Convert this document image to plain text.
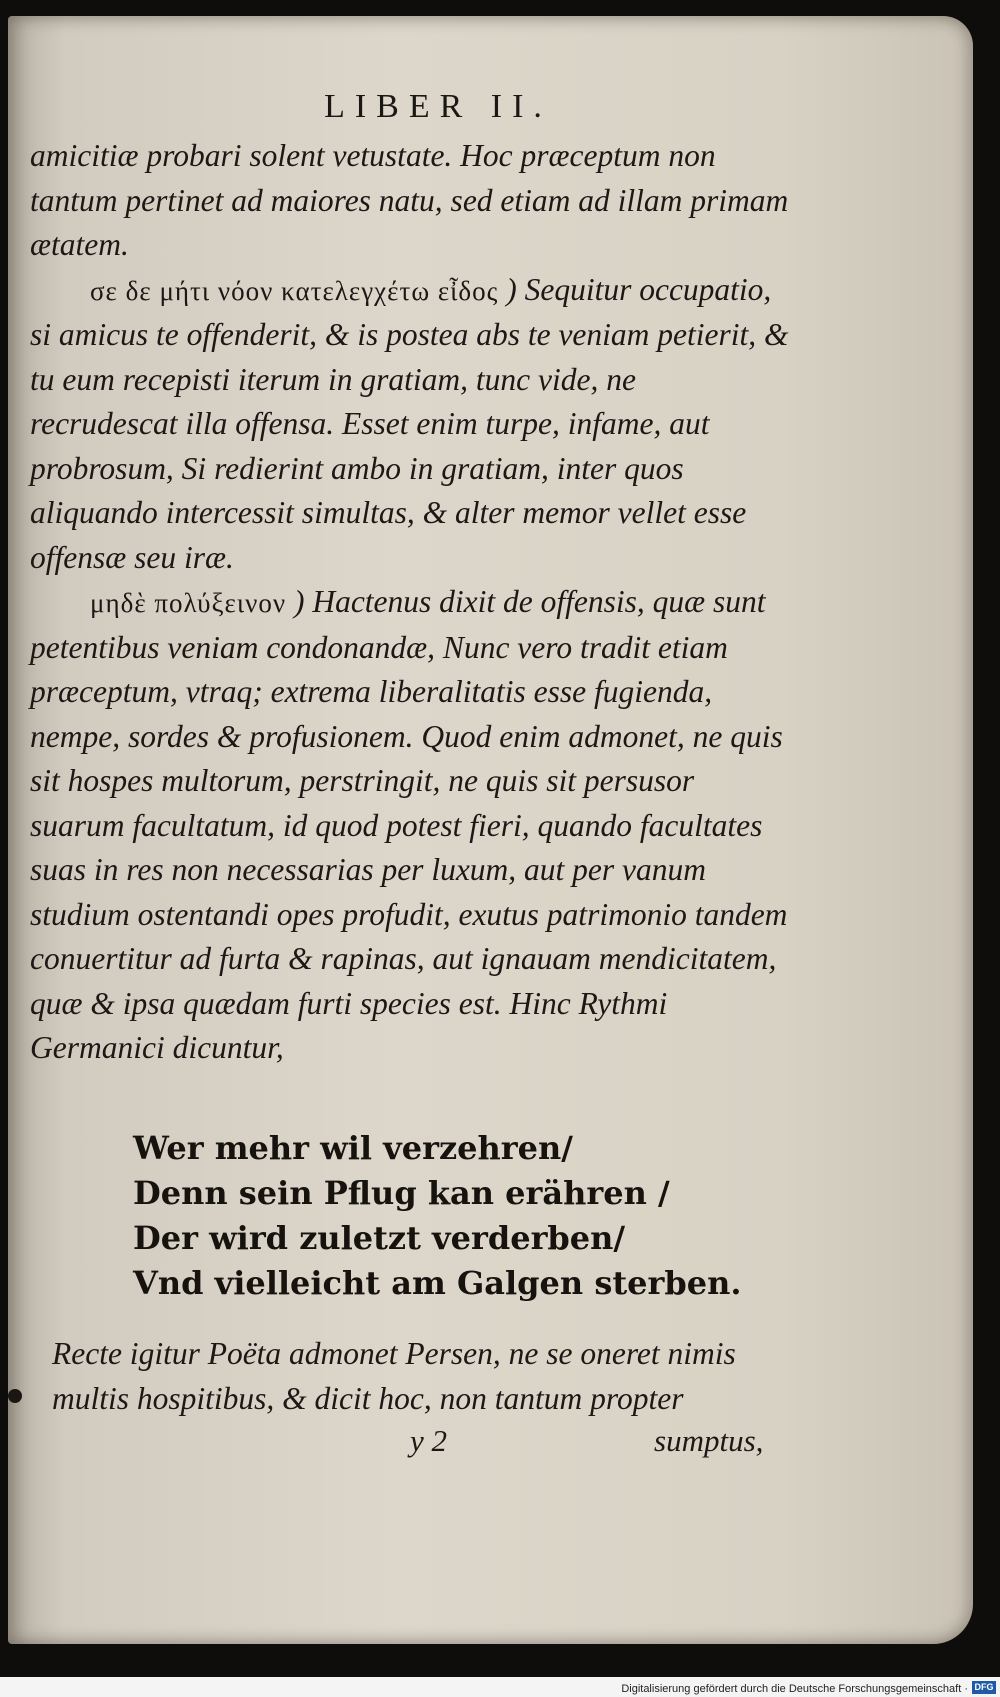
LIBER II.

amicitiæ probari solent vetustate. Hoc præceptum non tantum pertinet ad maiores natu, sed etiam ad illam primam ætatem.

σε δε μήτι νόον κατελεγχέτω εἶδος ) Sequitur occupatio, si amicus te offenderit, & is postea abs te veniam petierit, & tu eum recepisti iterum in gratiam, tunc vide, ne recrudescat illa offensa. Esset enim turpe, infame, aut probrosum, Si redierint ambo in gratiam, inter quos aliquando intercessit simultas, & alter memor vellet esse offensæ seu iræ.

μηδὲ πολύξεινον ) Hactenus dixit de offensis, quæ sunt petentibus veniam condonandæ, Nunc vero tradit etiam præceptum, vtraq; extrema liberalitatis esse fugienda, nempe, sordes & profusionem. Quod enim admonet, ne quis sit hospes multorum, perstringit, ne quis sit persusor suarum facultatum, id quod potest fieri, quando facultates suas in res non necessarias per luxum, aut per vanum studium ostentandi opes profudit, exutus patrimonio tandem conuertitur ad furta & rapinas, aut ignauam mendicitatem, quæ & ipsa quædam furti species est. Hinc Rythmi Germanici dicuntur,

Wer mehr wil verzehren/
Denn sein Pflug kan erähren /
Der wird zuletzt verderben/
Vnd vielleicht am Galgen sterben.
Recte igitur Poëta admonet Persen, ne se oneret nimis multis hospitibus, & dicit hoc, non tantum propter
y 2	sumptus,
Digitalisierung gefördert durch die Deutsche Forschungsgemeinschaft · DFG
